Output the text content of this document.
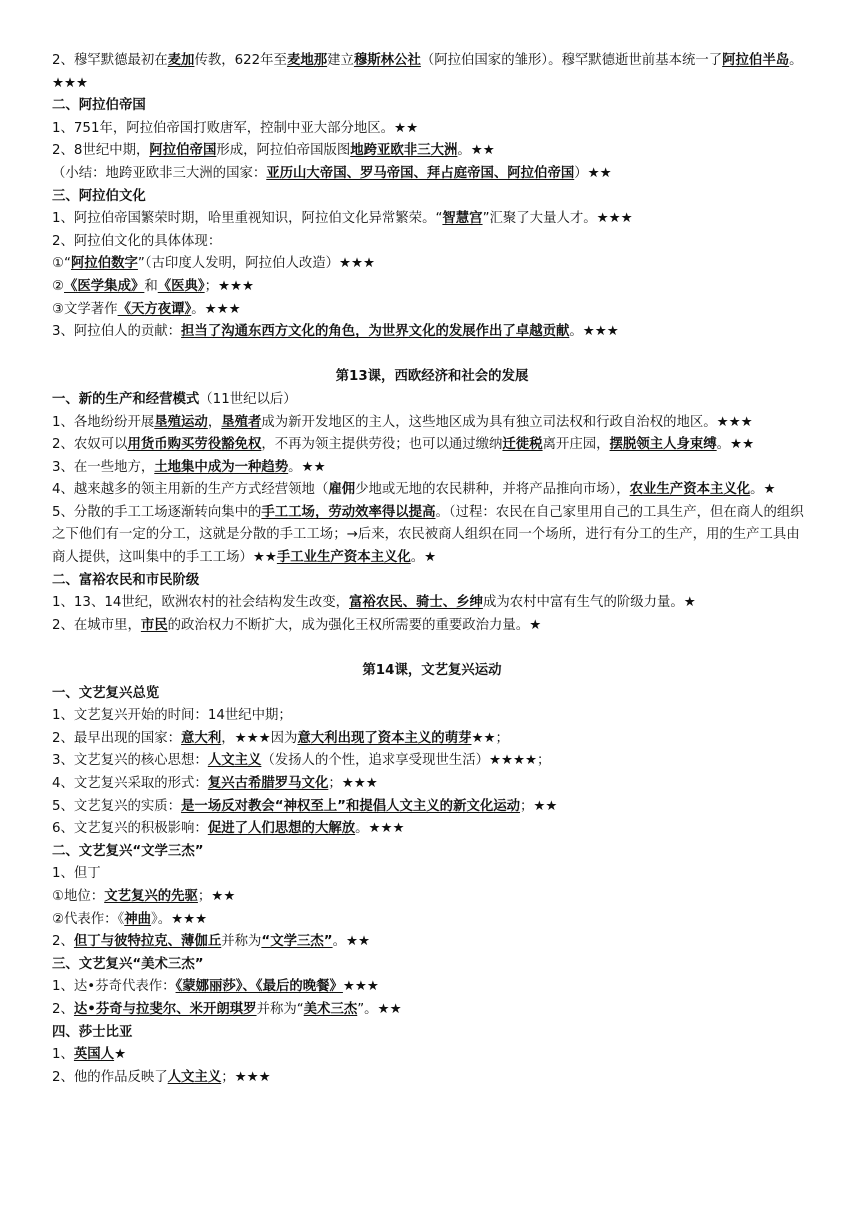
2、穆罕默德最初在麦加传教，622年至麦地那建立穆斯林公社（阿拉伯国家的雏形）。穆罕默德逝世前基本统一了阿拉伯半岛。★★★
二、阿拉伯帝国
1、751年，阿拉伯帝国打败唐军，控制中亚大部分地区。★★
2、8世纪中期，阿拉伯帝国形成，阿拉伯帝国版图地跨亚欧非三大洲。★★
（小结：地跨亚欧非三大洲的国家：亚历山大帝国、罗马帝国、拜占庭帝国、阿拉伯帝国）★★
三、阿拉伯文化
1、阿拉伯帝国繁荣时期，哈里重视知识，阿拉伯文化异常繁荣。“智慧宫”汇聚了大量人才。★★★
2、阿拉伯文化的具体体现：
①“阿拉伯数字”（古印度人发明，阿拉伯人改造）★★★
②《医学集成》和《医典》；★★★
③文学著作《天方夜谭》。★★★
3、阿拉伯人的贡献：担当了沟通东西方文化的角色，为世界文化的发展作出了卓越贡献。★★★
第13课，西欧经济和社会的发展
一、新的生产和经营模式（11世纪以后）
1、各地纷纷开展垦殖运动，垦殖者成为新开发地区的主人，这些地区成为具有独立司法权和行政自治权的地区。★★★
2、农奴可以用货币购买劳役豁免权，不再为领主提供劳役；也可以通过缴纳迁徙税离开庄园，摆脱领主人身束缚。★★
3、在一些地方，土地集中成为一种趋势。★★
4、越来越多的领主用新的生产方式经营领地（雇佣少地或无地的农民耕种，并将产品推向市场），农业生产资本主义化。★
5、分散的手工工场逐渐转向集中的手工工场，劳动效率得以提高。（过程：农民在自己家里用自己的工具生产，但在商人的组织之下他们有一定的分工，这就是分散的手工工场；→后来，农民被商人组织在同一个场所，进行有分工的生产，用的生产工具由商人提供，这叫集中的手工工场）★★手工业生产资本主义化。★
二、富裕农民和市民阶级
1、13、14世纪，欧洲农村的社会结构发生改变，富裕农民、骑士、乡绅成为农村中富有生气的阶级力量。★
2、在城市里，市民的政治权力不断扩大，成为强化王权所需要的重要政治力量。★
第14课，文艺复兴运动
一、文艺复兴总览
1、文艺复兴开始的时间：14世纪中期；
2、最早出现的国家：意大利，★★★因为意大利出现了资本主义的萌芽★★；
3、文艺复兴的核心思想：人文主义（发扬人的个性，追求享受现世生活）★★★★；
4、文艺复兴采取的形式：复兴古希腊罗马文化；★★★
5、文艺复兴的实质：是一场反对教会“神权至上”和提倡人文主义的新文化运动；★★
6、文艺复兴的积极影响：促进了人们思想的大解放。★★★
二、文艺复兴“文学三杰”
1、但丁
①地位：文艺复兴的先驱；★★
②代表作：《神曲》。★★★
2、但丁与彼特拉克、薄伽丘并称为“文学三杰”。★★
三、文艺复兴“美术三杰”
1、达•芬奇代表作：《蒙娜丽莎》、《最后的晚餐》★★★
2、达•芬奇与拉斐尔、米开朗琪罗并称为“美术三杰”。★★
四、莎士比亚
1、英国人★
2、他的作品反映了人文主义；★★★
